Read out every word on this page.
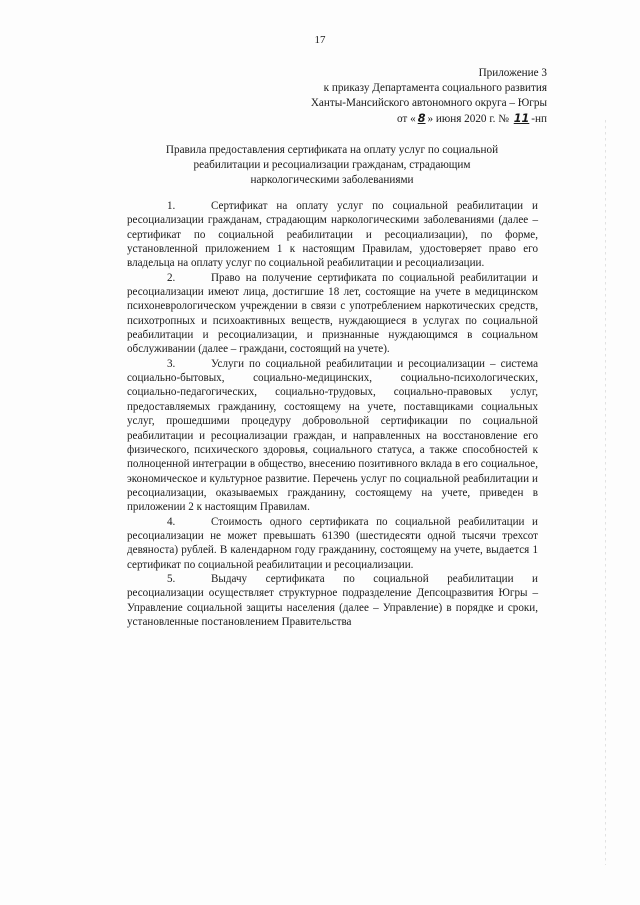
17
Приложение 3
к приказу Департамента социального развития
Ханты-Мансийского автономного округа – Югры
от « 8 » июня 2020 г. № 11 -нп
Правила предоставления сертификата на оплату услуг по социальной
реабилитации и ресоциализации гражданам, страдающим
наркологическими заболеваниями

1.	Сертификат на оплату услуг по социальной реабилитации и ресоциализации гражданам, страдающим наркологическими заболеваниями (далее – сертификат по социальной реабилитации и ресоциализации), по форме, установленной приложением 1 к настоящим Правилам, удостоверяет право его владельца на оплату услуг по социальной реабилитации и ресоциализации.

2.	Право на получение сертификата по социальной реабилитации и ресоциализации имеют лица, достигшие 18 лет, состоящие на учете в медицинском психоневрологическом учреждении в связи с употреблением наркотических средств, психотропных и психоактивных веществ, нуждающиеся в услугах по социальной реабилитации и ресоциализации, и признанные нуждающимся в социальном обслуживании (далее – граждани, состоящий на учете).

3.	Услуги по социальной реабилитации и ресоциализации – система социально-бытовых, социально-медицинских, социально-психологических, социально-педагогических, социально-трудовых, социально-правовых услуг, предоставляемых гражданину, состоящему на учете, поставщиками социальных услуг, прошедшими процедуру добровольной сертификации по социальной реабилитации и ресоциализации граждан, и направленных на восстановление его физического, психического здоровья, социального статуса, а также способностей к полноценной интеграции в общество, внесению позитивного вклада в его социальное, экономическое и культурное развитие. Перечень услуг по социальной реабилитации и ресоциализации, оказываемых гражданину, состоящему на учете, приведен в приложении 2 к настоящим Правилам.

4.	Стоимость одного сертификата по социальной реабилитации и ресоциализации не может превышать 61390 (шестидесяти одной тысячи трехсот девяноста) рублей. В календарном году гражданину, состоящему на учете, выдается 1 сертификат по социальной реабилитации и ресоциализации.

5.	Выдачу сертификата по социальной реабилитации и ресоциализации осуществляет структурное подразделение Депсоцразвития Югры – Управление социальной защиты населения (далее – Управление) в порядке и сроки, установленные постановлением Правительства
